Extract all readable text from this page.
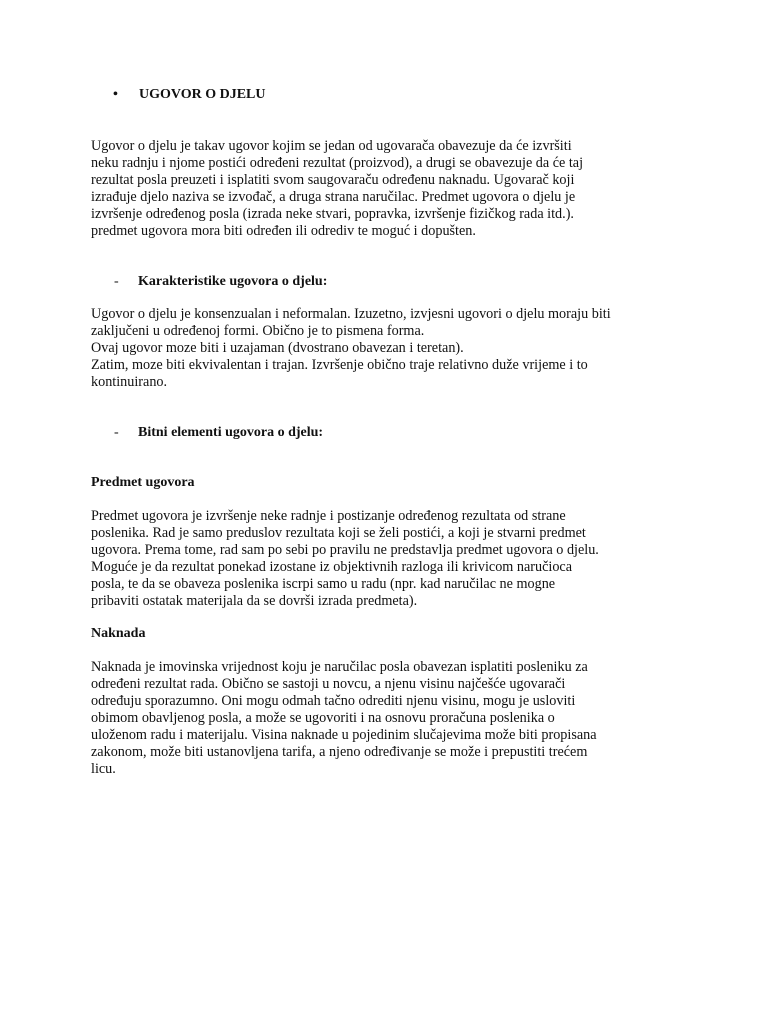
• UGOVOR O DJELU

Ugovor o djelu je takav ugovor kojim se jedan od ugovarača obavezuje da će izvršiti
neku radnju i njome postići određeni rezultat (proizvod), a drugi se obavezuje da će taj
rezultat posla preuzeti i isplatiti svom saugovaraču određenu naknadu. Ugovarač koji
izrađuje djelo naziva se izvođač, a druga strana naručilac. Predmet ugovora o djelu je
izvršenje određenog posla (izrada neke stvari, popravka, izvršenje fizičkog rada itd.).
predmet ugovora mora biti određen ili odrediv te moguć i dopušten.

- Karakteristike ugovora o djelu:

Ugovor o djelu je konsenzualan i neformalan. Izuzetno, izvjesni ugovori o djelu moraju biti
zaključeni u određenoj formi. Obično je to pismena forma.
Ovaj ugovor moze biti i uzajaman (dvostrano obavezan i teretan).
Zatim, moze biti ekvivalentan i trajan. Izvršenje obično traje relativno duže vrijeme i to
kontinuirano.

- Bitni elementi ugovora o djelu:
Predmet ugovora

Predmet ugovora je izvršenje neke radnje i postizanje određenog rezultata od strane
poslenika. Rad je samo preduslov rezultata koji se želi postići, a koji je stvarni predmet
ugovora. Prema tome, rad sam po sebi po pravilu ne predstavlja predmet ugovora o djelu.
Moguće je da rezultat ponekad izostane iz objektivnih razloga ili krivicom naručioca
posla, te da se obaveza poslenika iscrpi samo u radu (npr. kad naručilac ne mogne
pribaviti ostatak materijala da se dovrši izrada predmeta).

Naknada

Naknada je imovinska vrijednost koju je naručilac posla obavezan isplatiti posleniku za
određeni rezultat rada. Obično se sastoji u novcu, a njenu visinu najčešće ugovarači
određuju sporazumno. Oni mogu odmah tačno odrediti njenu visinu, mogu je usloviti
obimom obavljenog posla, a može se ugovoriti i na osnovu proračuna poslenika o
uloženom radu i materijalu. Visina naknade u pojedinim slučajevima može biti propisana
zakonom, može biti ustanovljena tarifa, a njeno određivanje se može i prepustiti trećem
licu.
